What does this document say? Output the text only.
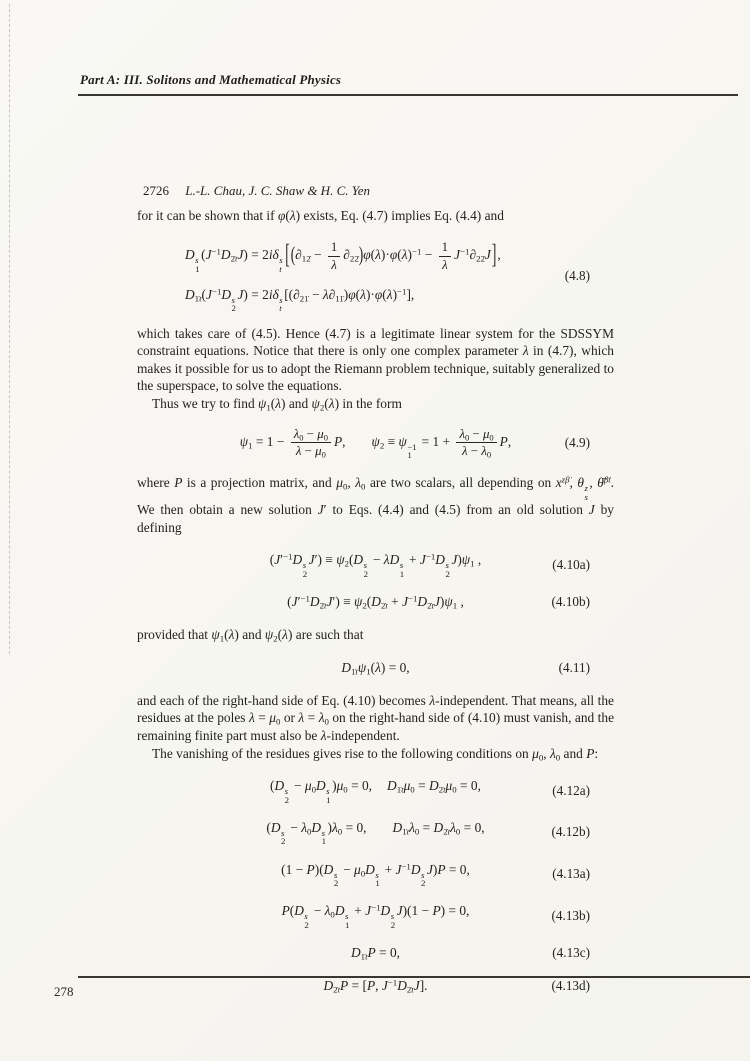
Part A: III. Solitons and Mathematical Physics
2726 L.-L. Chau, J. C. Shaw & H. C. Yen

for it can be shown that if φ(λ) exists, Eq. (4.7) implies Eq. (4.4) and

D s
1
$(J^{-1}D_{2̇t}J) = 2i\delta$ s
t $[(\partial_{12̇} - \frac{1}{\lambda} \partial_{22̇})\varphi(\lambda)\cdot\varphi(\lambda)^{-1} - \frac{1}{\lambda} J^{-1}\partial_{22̇}J]$,
$D_{1̇t}(J^{-1}D$ s
2
J) = 2iδ s
t
$[(\partial_{21̇} - \lambda\partial_{11̇})\varphi(\lambda)\cdot\varphi(\lambda)^{-1}]$,
(4.8)

which takes care of (4.5). Hence (4.7) is a legitimate linear system for the SDSSYM constraint equations. Notice that there is only one complex parameter λ in (4.7), which makes it possible for us to adopt the Riemann problem technique, suitably generalized to the superspace, to solve the equations.

Thus we try to find $\psi_1(\lambda)$ and $\psi_2(\lambda)$ in the form

$\psi_1 = 1 - \frac{\lambda_0 - \mu_0}{\lambda - \mu_0} P$, $\psi_2 \equiv \psi -1$
1
= $1 + \frac{\lambda_0 - \mu_0}{\lambda - \lambda_0} P$,	(4.9)

where P is a projection matrix, and $\mu_0$, $\lambda_0$ are two scalars, all depending on $x^{z\betȧ}$, θ z
s
, θ̄$^{\betȧt}$. We then obtain a new solution J′ to Eqs. (4.4) and (4.5) from an old solution J by defining

($J'^{-1}D$ s
2
$J') \equiv \psi_2(D$ s
2
− λD s
1
+ $J^{-1}D$ s
2
$J)\psi_1$ ,	(4.10a)
$(J'^{-1}D_{2̇t}J') \equiv \psi_2(D_{2̇t} + J^{-1}D_{2̇t}J)\psi_1$ ,	(4.10b)

provided that $\psi_1(\lambda)$ and $\psi_2(\lambda)$ are such that

$D_{1̇t}\psi_1(\lambda) = 0$,	(4.11)

and each of the right-hand side of Eq. (4.10) becomes λ-independent. That means, all the residues at the poles $\lambda = \mu_0$ or $\lambda = \lambda_0$ on the right-hand side of (4.10) must vanish, and the remaining finite part must also be λ-independent.

The vanishing of the residues gives rise to the following conditions on $\mu_0$, $\lambda_0$ and P:

(D s
2
− $\mu_0D$ s
1
)$\mu_0 = 0$, $D_{1̇t}\mu_0 = D_{2̇t}\mu_0 = 0$,	(4.12a)
(D s
2
− $\lambda_0D$ s
1
)$\lambda_0 = 0$, $D_{1̇t}\lambda_0 = D_{2̇t}\lambda_0 = 0$,	(4.12b)
(1 − P)(D s
2
− $\mu_0D$ s
1
+ $J^{-1}D$ s
2
J)P = 0,	(4.13a)
P(D s
2
− $\lambda_0D$ s
1
+ $J^{-1}D$ s
2
J)(1 − P) = 0,	(4.13b)
$D_{1̇t}P = 0$,	(4.13c)
$D_{2̇t}P = [P$, $J^{-1}D_{2̇t}J$].	(4.13d)
278
